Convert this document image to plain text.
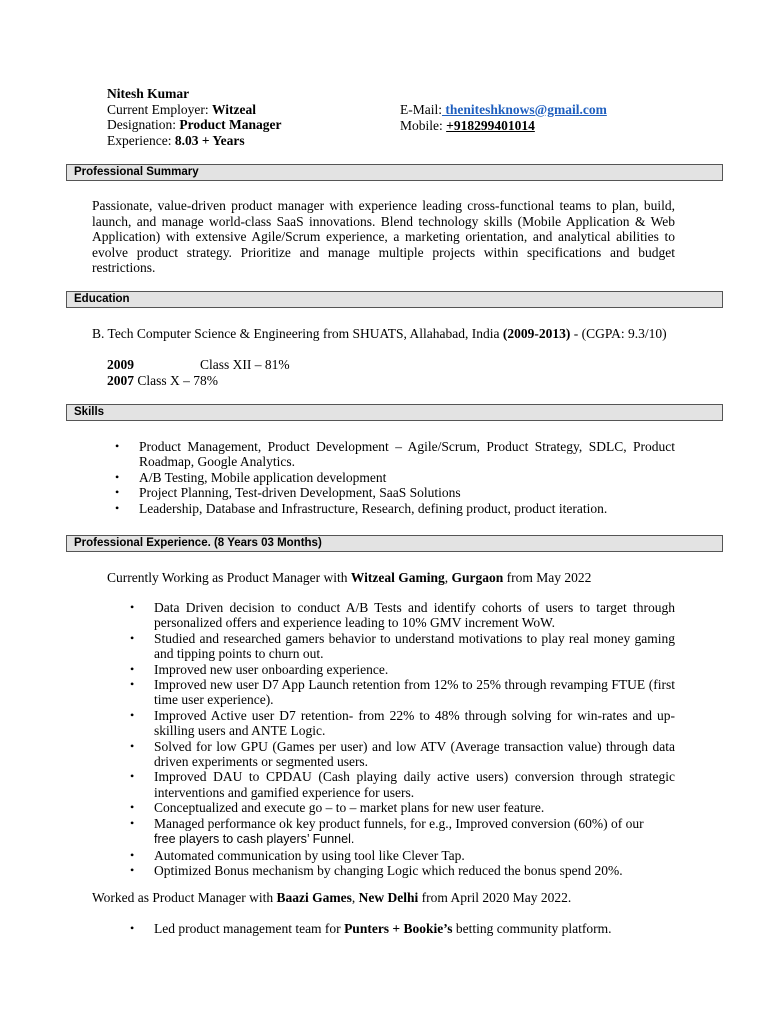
Nitesh Kumar
Current Employer: Witzeal
Designation: Product Manager
Experience: 8.03 + Years
E-Mail: theniteshknows@gmail.com
Mobile: +918299401014
Professional Summary
Passionate, value-driven product manager with experience leading cross-functional teams to plan, build, launch, and manage world-class SaaS innovations. Blend technology skills (Mobile Application & Web Application) with extensive Agile/Scrum experience, a marketing orientation, and analytical abilities to evolve product strategy. Prioritize and manage multiple projects within specifications and budget restrictions.
Education
B. Tech Computer Science & Engineering from SHUATS, Allahabad, India (2009-2013) - (CGPA: 9.3/10)
2009	Class XII – 81%
2007 Class X – 78%
Skills
• Product Management, Product Development – Agile/Scrum, Product Strategy, SDLC, Product Roadmap, Google Analytics.
• A/B Testing, Mobile application development
• Project Planning, Test-driven Development, SaaS Solutions
• Leadership, Database and Infrastructure, Research, defining product, product iteration.
Professional Experience. (8 Years 03 Months)
Currently Working as Product Manager with Witzeal Gaming, Gurgaon from May 2022
• Data Driven decision to conduct A/B Tests and identify cohorts of users to target through personalized offers and experience leading to 10% GMV increment WoW.
• Studied and researched gamers behavior to understand motivations to play real money gaming and tipping points to churn out.
• Improved new user onboarding experience.
• Improved new user D7 App Launch retention from 12% to 25% through revamping FTUE (first time user experience).
• Improved Active user D7 retention- from 22% to 48% through solving for win-rates and up-skilling users and ANTE Logic.
• Solved for low GPU (Games per user) and low ATV (Average transaction value) through data driven experiments or segmented users.
• Improved DAU to CPDAU (Cash playing daily active users) conversion through strategic interventions and gamified experience for users.
• Conceptualized and execute go – to – market plans for new user feature.
• Managed performance ok key product funnels, for e.g., Improved conversion (60%) of our
free players to cash players’ Funnel.
• Automated communication by using tool like Clever Tap.
• Optimized Bonus mechanism by changing Logic which reduced the bonus spend 20%.
Worked as Product Manager with Baazi Games, New Delhi from April 2020 May 2022.
• Led product management team for Punters + Bookie’s betting community platform.
